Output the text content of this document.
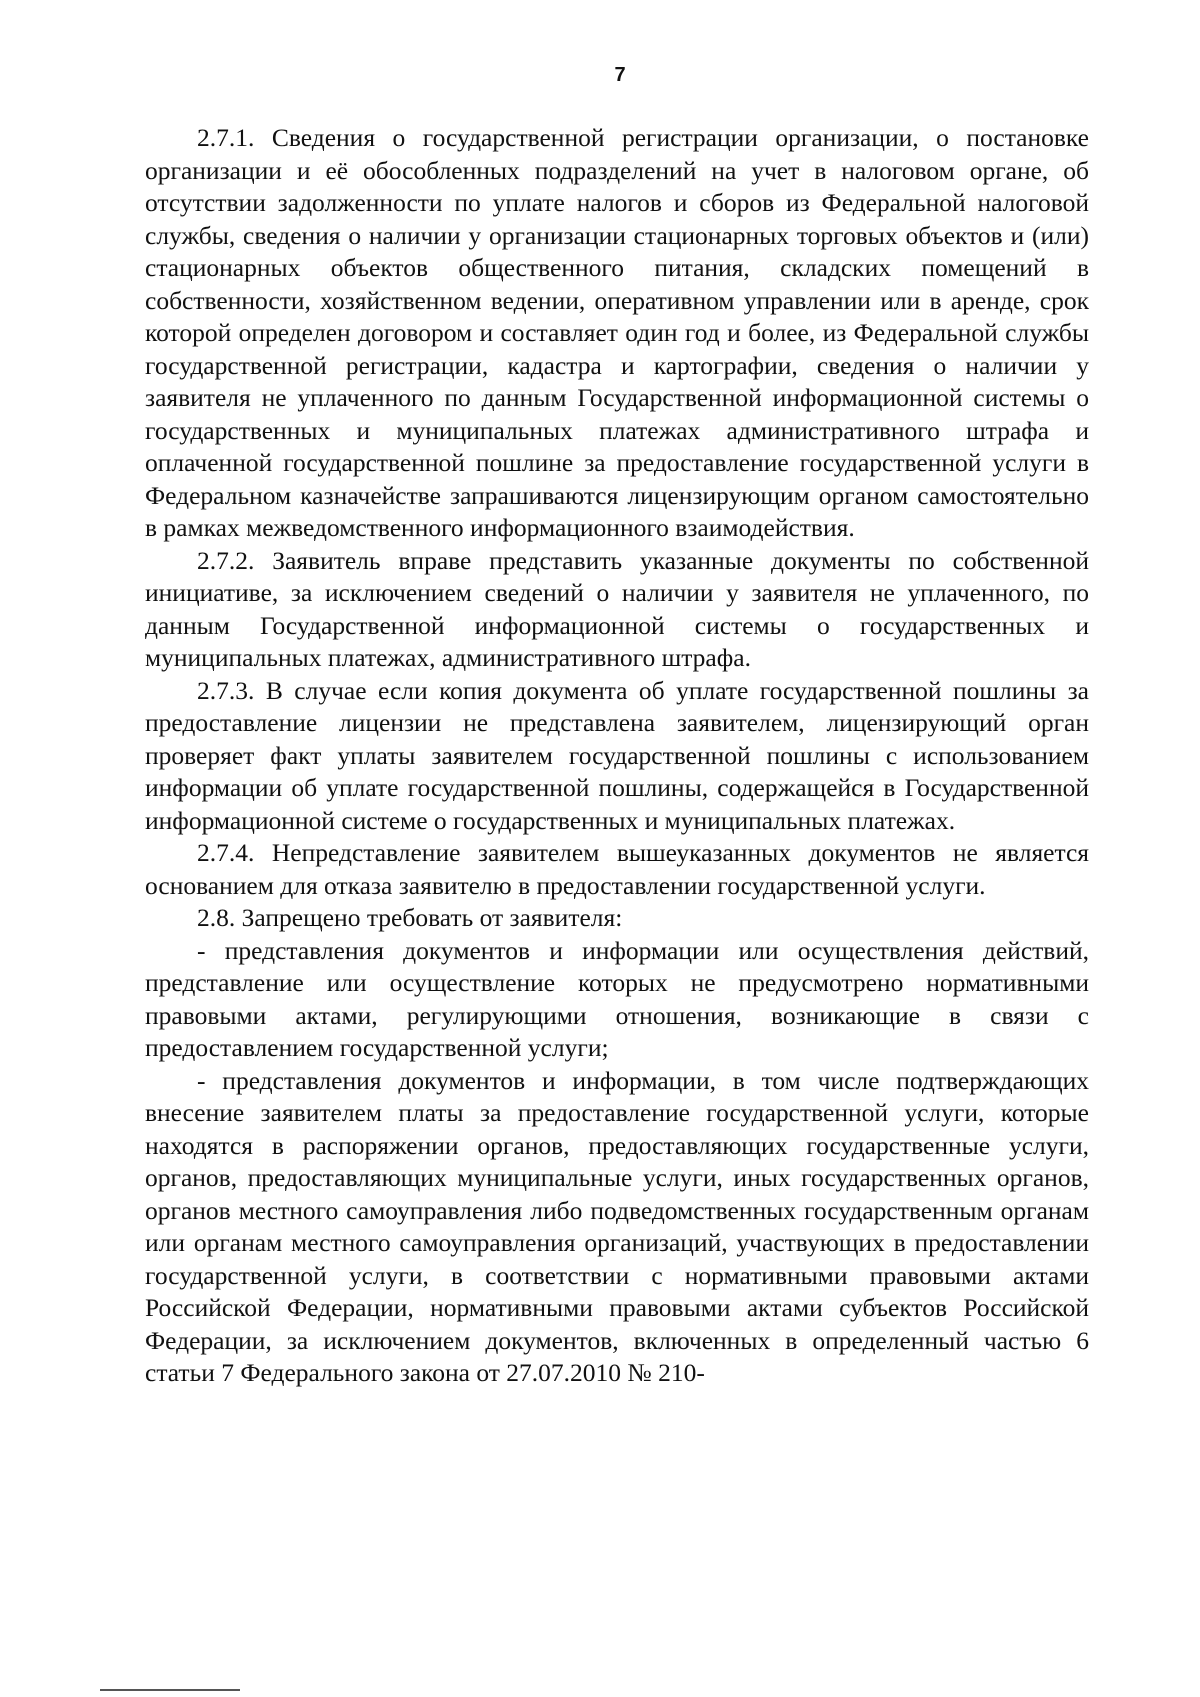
7

2.7.1. Сведения о государственной регистрации организации, о постановке организации и её обособленных подразделений на учет в налоговом органе, об отсутствии задолженности по уплате налогов и сборов из Федеральной налоговой службы, сведения о наличии у организации стационарных торговых объектов и (или) стационарных объектов общественного питания, складских помещений в собственности, хозяйственном ведении, оперативном управлении или в аренде, срок которой определен договором и составляет один год и более, из Федеральной службы государственной регистрации, кадастра и картографии, сведения о наличии у заявителя не уплаченного по данным Государственной информационной системы о государственных и муниципальных платежах административного штрафа и оплаченной государственной пошлине за предоставление государственной услуги в Федеральном казначействе запрашиваются лицензирующим органом самостоятельно в рамках межведомственного информационного взаимодействия.

2.7.2. Заявитель вправе представить указанные документы по собственной инициативе, за исключением сведений о наличии у заявителя не уплаченного, по данным Государственной информационной системы о государственных и муниципальных платежах, административного штрафа.

2.7.3. В случае если копия документа об уплате государственной пошлины за предоставление лицензии не представлена заявителем, лицензирующий орган проверяет факт уплаты заявителем государственной пошлины с использованием информации об уплате государственной пошлины, содержащейся в Государственной информационной системе о государственных и муниципальных платежах.

2.7.4. Непредставление заявителем вышеуказанных документов не является основанием для отказа заявителю в предоставлении государственной услуги.

2.8. Запрещено требовать от заявителя:

- представления документов и информации или осуществления действий, представление или осуществление которых не предусмотрено нормативными правовыми актами, регулирующими отношения, возникающие в связи с предоставлением государственной услуги;

- представления документов и информации, в том числе подтверждающих внесение заявителем платы за предоставление государственной услуги, которые находятся в распоряжении органов, предоставляющих государственные услуги, органов, предоставляющих муниципальные услуги, иных государственных органов, органов местного самоуправления либо подведомственных государственным органам или органам местного самоуправления организаций, участвующих в предоставлении государственной услуги, в соответствии с нормативными правовыми актами Российской Федерации, нормативными правовыми актами субъектов Российской Федерации, за исключением документов, включенных в определенный частью 6 статьи 7 Федерального закона от 27.07.2010 № 210-
